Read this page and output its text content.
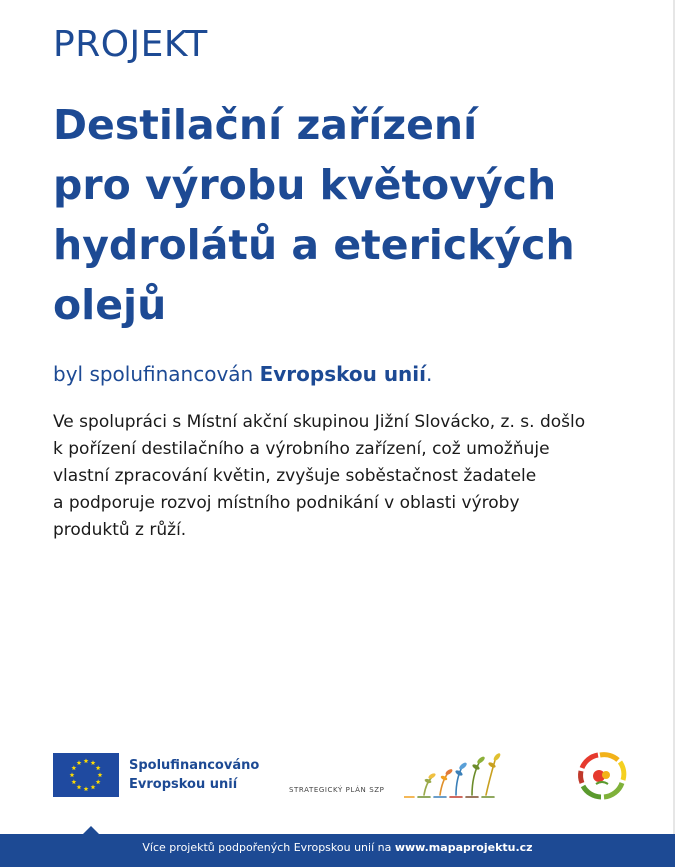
PROJEKT
Destilační zařízení
pro výrobu květových
hydrolátů a eterických
olejů
byl spolufinancován Evropskou unií.
Ve spolupráci s Místní akční skupinou Jižní Slovácko, z. s. došlo
k pořízení destilačního a výrobního zařízení, což umožňuje
vlastní zpracování květin, zvyšuje soběstačnost žadatele
a podporuje rozvoj místního podnikání v oblasti výroby
produktů z růží.
Spolufinancováno
Evropskou unií	STRATEGICKÝ PLÁN SZP
Více projektů podpořených Evropskou unií na www.mapaprojektu.cz
